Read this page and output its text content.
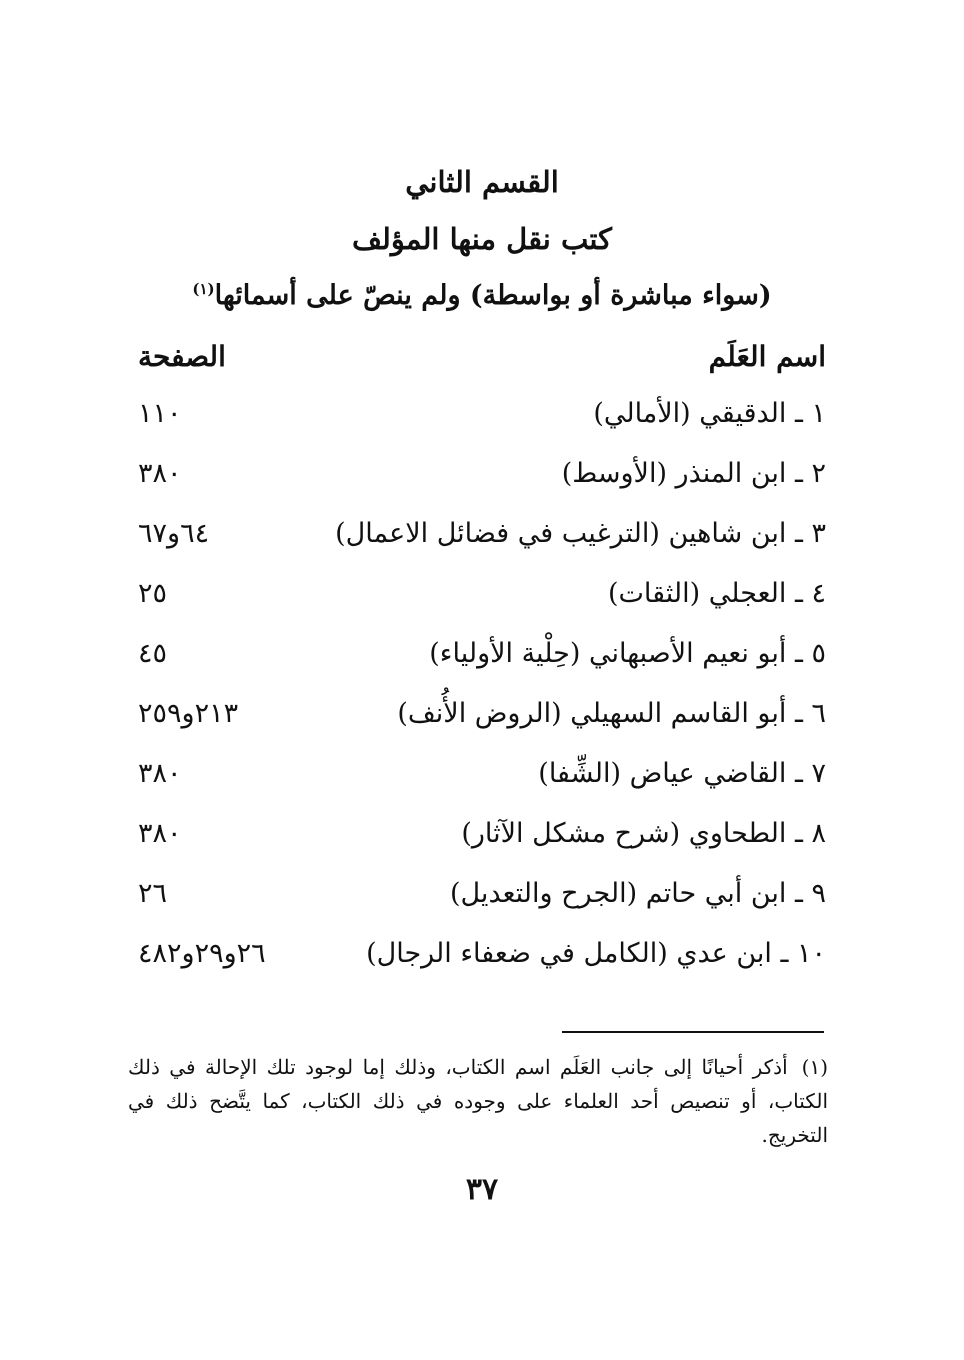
القسم الثاني
كتب نقل منها المؤلف
(سواء مباشرة أو بواسطة) ولم ينصّ على أسمائها$^{(١)}$
اسم العَلَم
الصفحة
١ ـ الدقيقي (الأمالي)
١١٠
٢ ـ ابن المنذر (الأوسط)
٣٨٠
٣ ـ ابن شاهين (الترغيب في فضائل الاعمال)
٦٤و٦٧
٤ ـ العجلي (الثقات)
٢٥
٥ ـ أبو نعيم الأصبهاني (حِلْية الأولياء)
٤٥
٦ ـ أبو القاسم السهيلي (الروض الأُنف)
٢١٣و٢٥٩
٧ ـ القاضي عياض (الشِّفا)
٣٨٠
٨ ـ الطحاوي (شرح مشكل الآثار)
٣٨٠
٩ ـ ابن أبي حاتم (الجرح والتعديل)
٢٦
١٠ ـ ابن عدي (الكامل في ضعفاء الرجال)
٢٦و٢٩و٤٨٢
(١)أذكر أحيانًا إلى جانب العَلَم اسم الكتاب، وذلك إما لوجود تلك الإحالة في ذلك الكتاب، أو تنصيص أحد العلماء على وجوده في ذلك الكتاب، كما يتَّضح ذلك في التخريج.
٣٧
